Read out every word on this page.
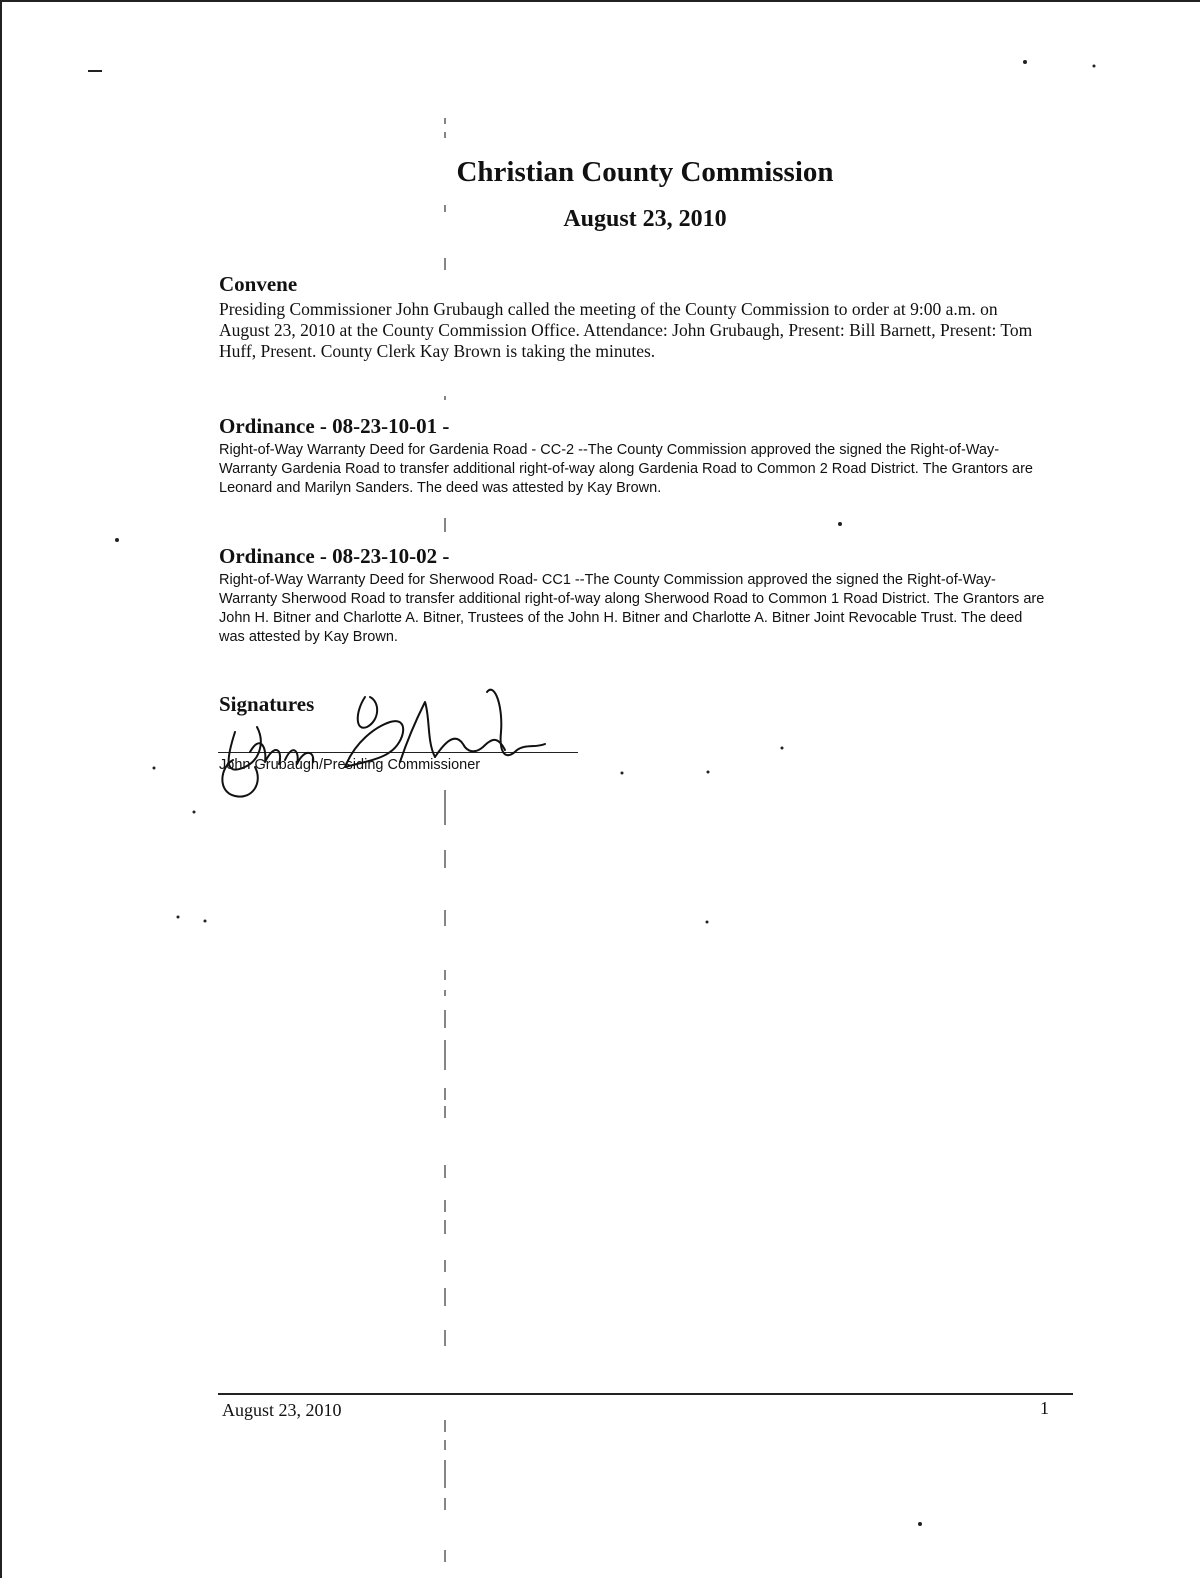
Christian County Commission
August 23, 2010
Convene

Presiding Commissioner John Grubaugh called the meeting of the County Commission to order at 9:00 a.m. on August 23, 2010 at the County Commission Office. Attendance: John Grubaugh, Present: Bill Barnett, Present: Tom Huff, Present. County Clerk Kay Brown is taking the minutes.

Ordinance - 08-23-10-01 -

Right-of-Way Warranty Deed for Gardenia Road - CC-2 --The County Commission approved the signed the Right-of-Way- Warranty Gardenia Road to transfer additional right-of-way along Gardenia Road to Common 2 Road District. The Grantors are Leonard and Marilyn Sanders. The deed was attested by Kay Brown.

Ordinance - 08-23-10-02 -

Right-of-Way Warranty Deed for Sherwood Road- CC1 --The County Commission approved the signed the Right-of-Way- Warranty Sherwood Road to transfer additional right-of-way along Sherwood Road to Common 1 Road District. The Grantors are John H. Bitner and Charlotte A. Bitner, Trustees of the John H. Bitner and Charlotte A. Bitner Joint Revocable Trust. The deed was attested by Kay Brown.

Signatures
John Grubaugh/Presiding Commissioner
August 23, 2010	1
